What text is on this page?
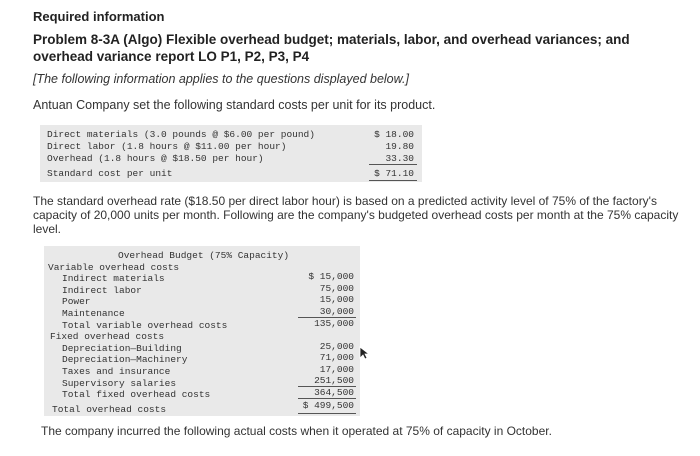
Required information
Problem 8-3A (Algo) Flexible overhead budget; materials, labor, and overhead variances; and overhead variance report LO P1, P2, P3, P4
[The following information applies to the questions displayed below.]
Antuan Company set the following standard costs per unit for its product.
Direct materials (3.0 pounds @ $6.00 per pound)
Direct labor (1.8 hours @ $11.00 per hour)
Overhead (1.8 hours @ $18.50 per hour)
Standard cost per unit
$ 18.00
19.80
33.30
$ 71.10
The standard overhead rate ($18.50 per direct labor hour) is based on a predicted activity level of 75% of the factory's capacity of 20,000 units per month. Following are the company's budgeted overhead costs per month at the 75% capacity level.
Overhead Budget (75% Capacity)
Variable overhead costs
Indirect materials
Indirect labor
Power
Maintenance
Total variable overhead costs
$ 15,000
75,000
15,000
30,000
135,000
Fixed overhead costs
Depreciation—Building
Depreciation—Machinery
Taxes and insurance
Supervisory salaries
Total fixed overhead costs
25,000
71,000
17,000
251,500
364,500
Total overhead costs	$ 499,500
The company incurred the following actual costs when it operated at 75% of capacity in October.
